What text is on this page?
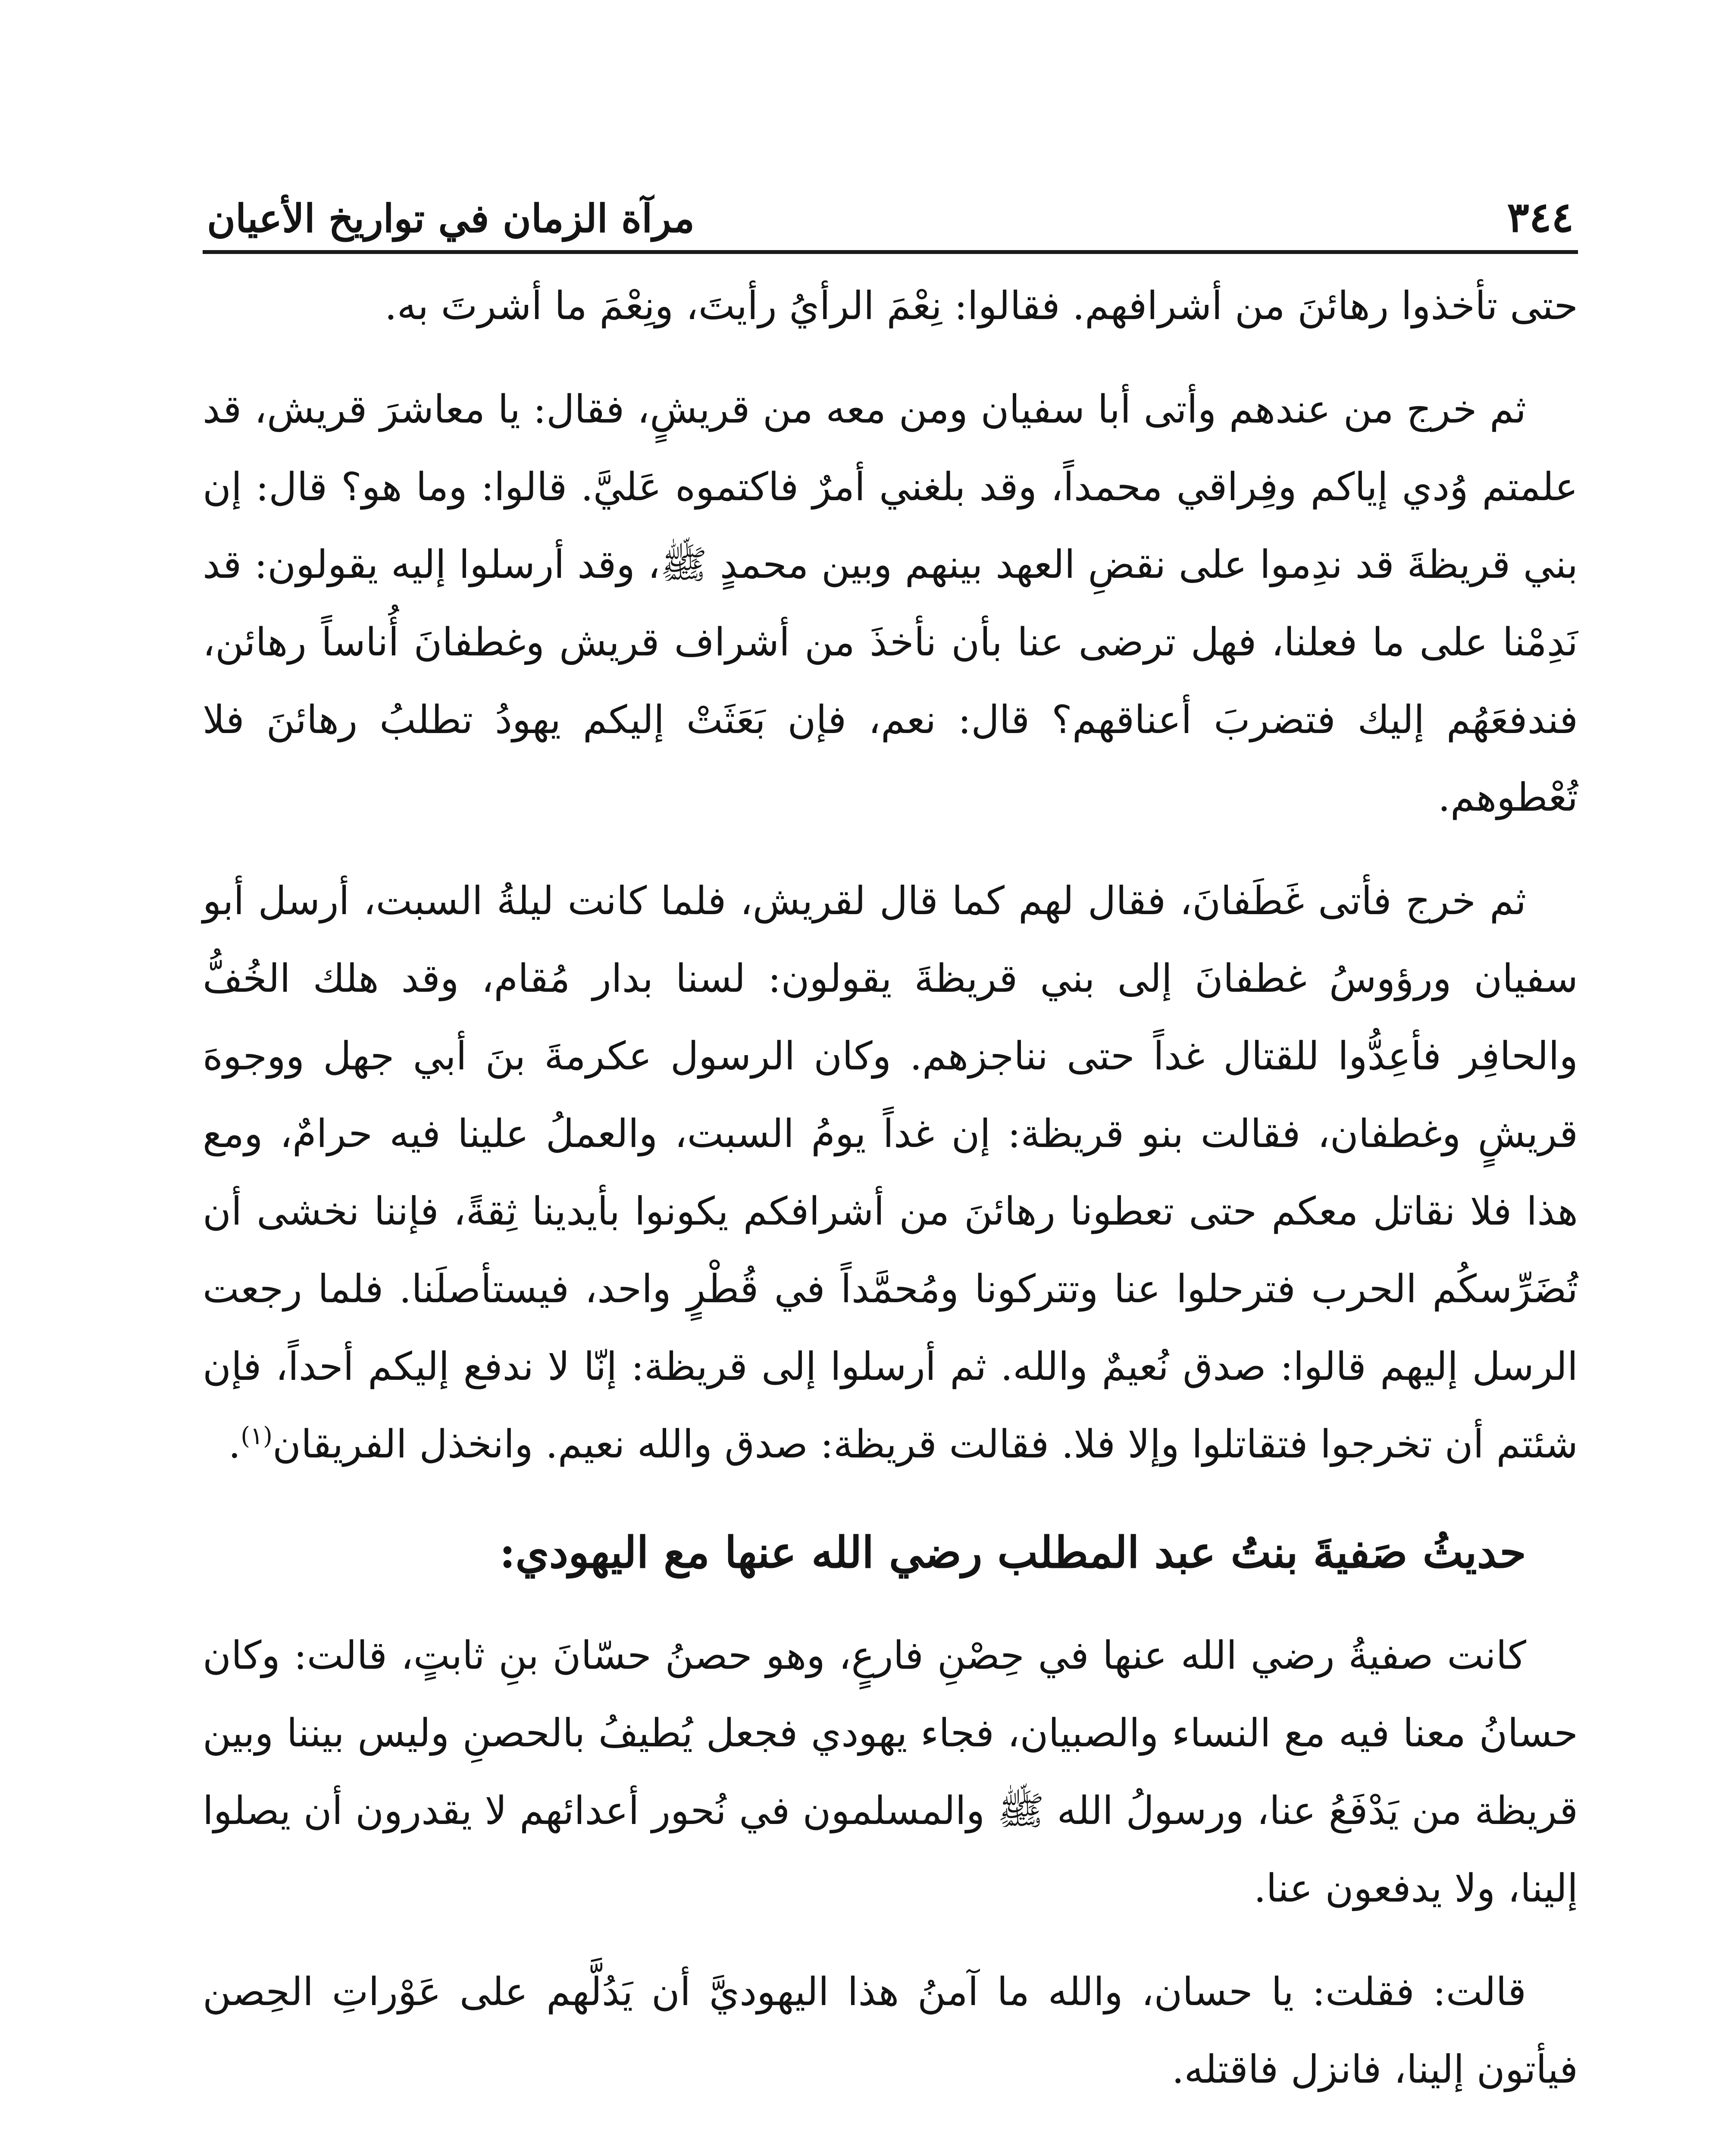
٣٤٤
مرآة الزمان في تواريخ الأعيان

حتى تأخذوا رهائنَ من أشرافهم. فقالوا: نِعْمَ الرأيُ رأيتَ، ونِعْمَ ما أشرتَ به.

ثم خرج من عندهم وأتى أبا سفيان ومن معه من قريشٍ، فقال: يا معاشرَ قريش، قد علمتم وُدي إياكم وفِراقي محمداً، وقد بلغني أمرٌ فاكتموه عَليَّ. قالوا: وما هو؟ قال: إن بني قريظةَ قد ندِموا على نقضِ العهد بينهم وبين محمدٍ ﷺ، وقد أرسلوا إليه يقولون: قد نَدِمْنا على ما فعلنا، فهل ترضى عنا بأن نأخذَ من أشراف قريش وغطفانَ أُناساً رهائن، فندفعَهُم إليك فتضربَ أعناقهم؟ قال: نعم، فإن بَعَثَتْ إليكم يهودُ تطلبُ رهائنَ فلا تُعْطوهم.

ثم خرج فأتى غَطَفانَ، فقال لهم كما قال لقريش، فلما كانت ليلةُ السبت، أرسل أبو سفيان ورؤوسُ غطفانَ إلى بني قريظةَ يقولون: لسنا بدار مُقام، وقد هلك الخُفُّ والحافِر فأعِدُّوا للقتال غداً حتى نناجزهم. وكان الرسول عكرمةَ بنَ أبي جهل ووجوهَ قريشٍ وغطفان، فقالت بنو قريظة: إن غداً يومُ السبت، والعملُ علينا فيه حرامٌ، ومع هذا فلا نقاتل معكم حتى تعطونا رهائنَ من أشرافكم يكونوا بأيدينا ثِقةً، فإننا نخشى أن تُضَرِّسكُم الحرب فترحلوا عنا وتتركونا ومُحمَّداً في قُطْرٍ واحد، فيستأصلَنا. فلما رجعت الرسل إليهم قالوا: صدق نُعيمٌ والله. ثم أرسلوا إلى قريظة: إنّا لا ندفع إليكم أحداً، فإن شئتم أن تخرجوا فتقاتلوا وإلا فلا. فقالت قريظة: صدق والله نعيم. وانخذل الفريقان$^{(١)}$.

حديثُ صَفيةَ بنتُ عبد المطلب رضي الله عنها مع اليهودي:

كانت صفيةُ رضي الله عنها في حِصْنِ فارعٍ، وهو حصنُ حسّانَ بنِ ثابتٍ، قالت: وكان حسانُ معنا فيه مع النساء والصبيان، فجاء يهودي فجعل يُطيفُ بالحصنِ وليس بيننا وبين قريظة من يَدْفَعُ عنا، ورسولُ الله ﷺ والمسلمون في نُحور أعدائهم لا يقدرون أن يصلوا إلينا، ولا يدفعون عنا.

قالت: فقلت: يا حسان، والله ما آمنُ هذا اليهوديَّ أن يَدُلَّهم على عَوْراتِ الحِصن فيأتون إلينا، فانزل فاقتله.
